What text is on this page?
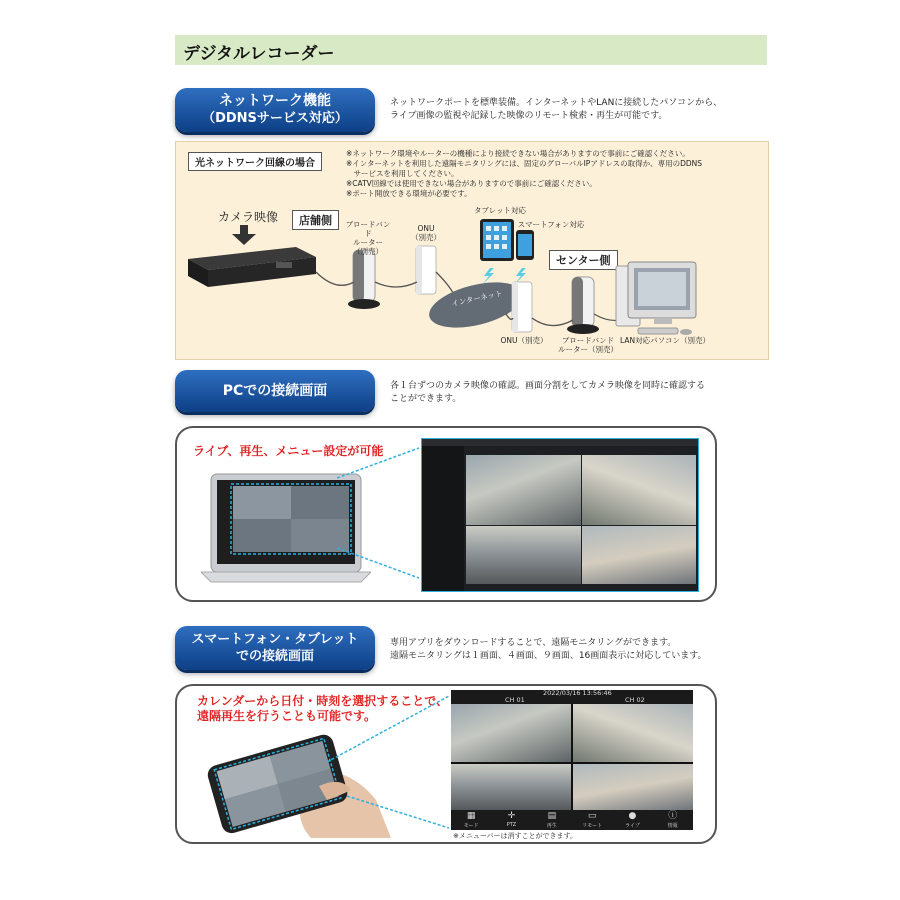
デジタルレコーダー
ネットワーク機能
（DDNSサービス対応）
ネットワークポートを標準装備。インターネットやLANに接続したパソコンから、
ライブ画像の監視や記録した映像のリモート検索・再生が可能です。
光ネットワーク回線の場合
※ネットワーク環境やルーターの機種により接続できない場合がありますので事前にご確認ください。
※インターネットを利用した遠隔モニタリングには、固定のグローバルIPアドレスの取得か、専用のDDNS
　サービスを利用してください。
※CATV回線では使用できない場合がありますので事前にご確認ください。
※ポート開放できる環境が必要です。
カメラ映像	店舗側
センター側
ブロードバンド
ルーター
（別売）
ONU
（別売）
タブレット対応
スマートフォン対応
インターネット
ONU（別売）	ブロードバンド
ルーター（別売）
LAN対応パソコン（別売）
PCでの接続画面	各１台ずつのカメラ映像の確認。画面分割をしてカメラ映像を同時に確認する
ことができます。
ライブ、再生、メニュー設定が可能
スマートフォン・タブレット
での接続画面
専用アプリをダウンロードすることで、遠隔モニタリングができます。
遠隔モニタリングは１画面、４画面、９画面、16画面表示に対応しています。
カレンダーから日付・時刻を選択することで、
遠隔再生を行うことも可能です。
2022/03/16 13:56:46
CH 01	CH 02
▦
モード
✛
PTZ
▤
再生
▭
リモート
●
ライブ
ⓘ
情報
※メニューバーは消すことができます。
